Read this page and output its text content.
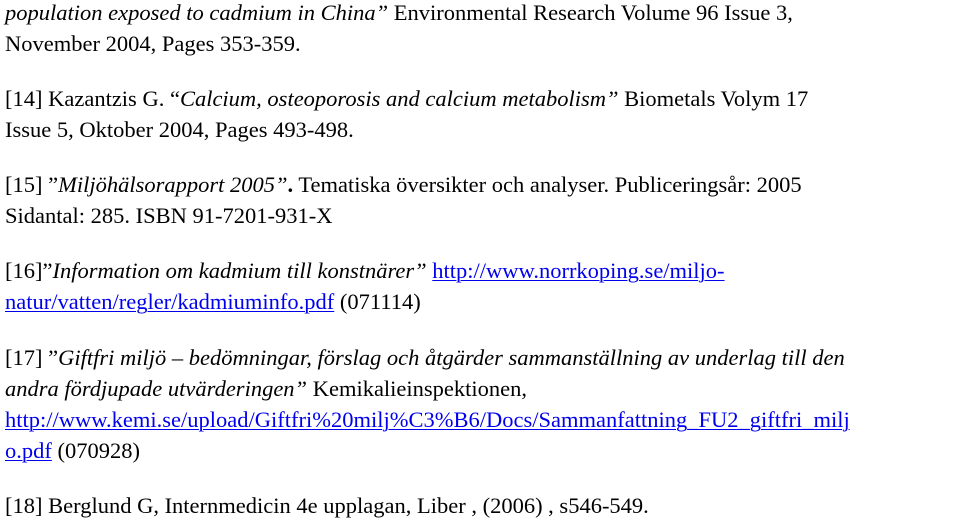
population exposed to cadmium in China” Environmental Research Volume 96 Issue 3,
November 2004, Pages 353-359.
[14] Kazantzis G. “Calcium, osteoporosis and calcium metabolism” Biometals Volym 17
Issue 5, Oktober 2004, Pages 493-498.
[15] ”Miljöhälsorapport 2005”. Tematiska översikter och analyser. Publiceringsår: 2005
Sidantal: 285. ISBN 91-7201-931-X
[16]”Information om kadmium till konstnärer” http://www.norrkoping.se/miljo-
natur/vatten/regler/kadmiuminfo.pdf (071114)
[17] ”Giftfri miljö – bedömningar, förslag och åtgärder sammanställning av underlag till den
andra fördjupade utvärderingen” Kemikalieinspektionen,
http://www.kemi.se/upload/Giftfri%20milj%C3%B6/Docs/Sammanfattning_FU2_giftfri_milj
o.pdf (070928)
[18] Berglund G, Internmedicin 4e upplagan, Liber , (2006) , s546-549.
